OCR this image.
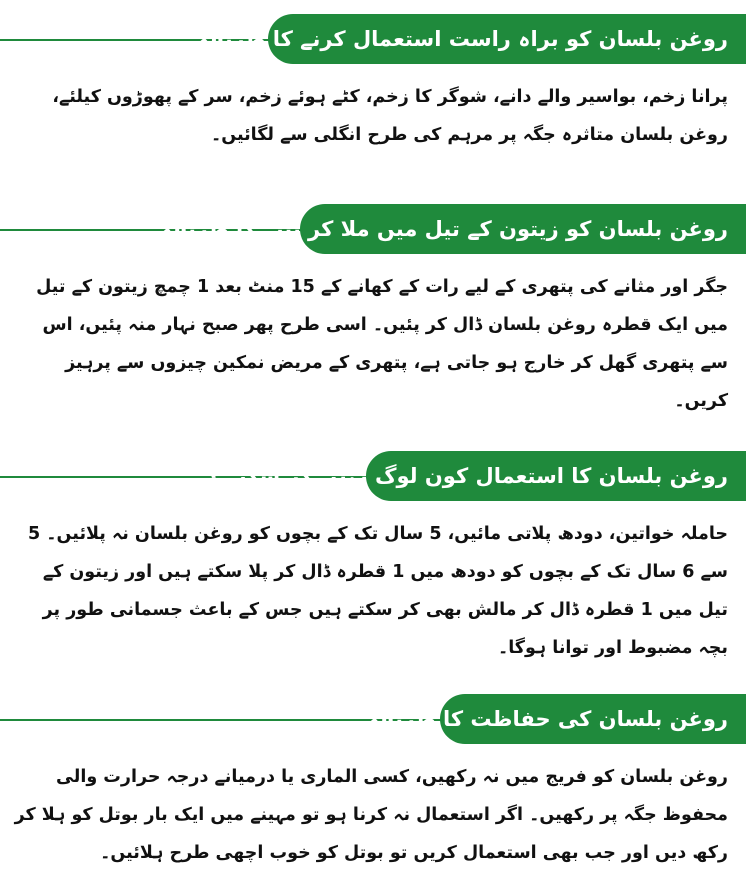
روغن بلسان کو براہ راست استعمال کرنے کا طریقہ:

پرانا زخم، بواسیر والے دانے، شوگر کا زخم، کٹے ہوئے زخم، سر کے پھوڑوں کیلئے، روغن بلسان متاثرہ جگہ پر مرہم کی طرح انگلی سے لگائیں۔

روغن بلسان کو زیتون کے تیل میں ملا کر پینے کا طریقہ:

جگر اور مثانے کی پتھری کے لیے رات کے کھانے کے 15 منٹ بعد 1 چمچ زیتون کے تیل میں ایک قطرہ روغن بلسان ڈال کر پئیں۔ اسی طرح پھر صبح نہار منہ پئیں، اس سے پتھری گھل کر خارج ہو جاتی ہے، پتھری کے مریض نمکین چیزوں سے پرہیز کریں۔

روغن بلسان کا استعمال کون لوگ نہیں کر سکتے ؟

حاملہ خواتین، دودھ پلاتی مائیں، 5 سال تک کے بچوں کو روغن بلسان نہ پلائیں۔ 5 سے 6 سال تک کے بچوں کو دودھ میں 1 قطرہ ڈال کر پلا سکتے ہیں اور زیتون کے تیل میں 1 قطرہ ڈال کر مالش بھی کر سکتے ہیں جس کے باعث جسمانی طور پر بچہ مضبوط اور توانا ہوگا۔

روغن بلسان کی حفاظت کا طریقہ:

روغن بلسان کو فریج میں نہ رکھیں، کسی الماری یا درمیانے درجہ حرارت والی محفوظ جگہ پر رکھیں۔ اگر استعمال نہ کرنا ہو تو مہینے میں ایک بار بوتل کو ہلا کر رکھ دیں اور جب بھی استعمال کریں تو بوتل کو خوب اچھی طرح ہلائیں۔
